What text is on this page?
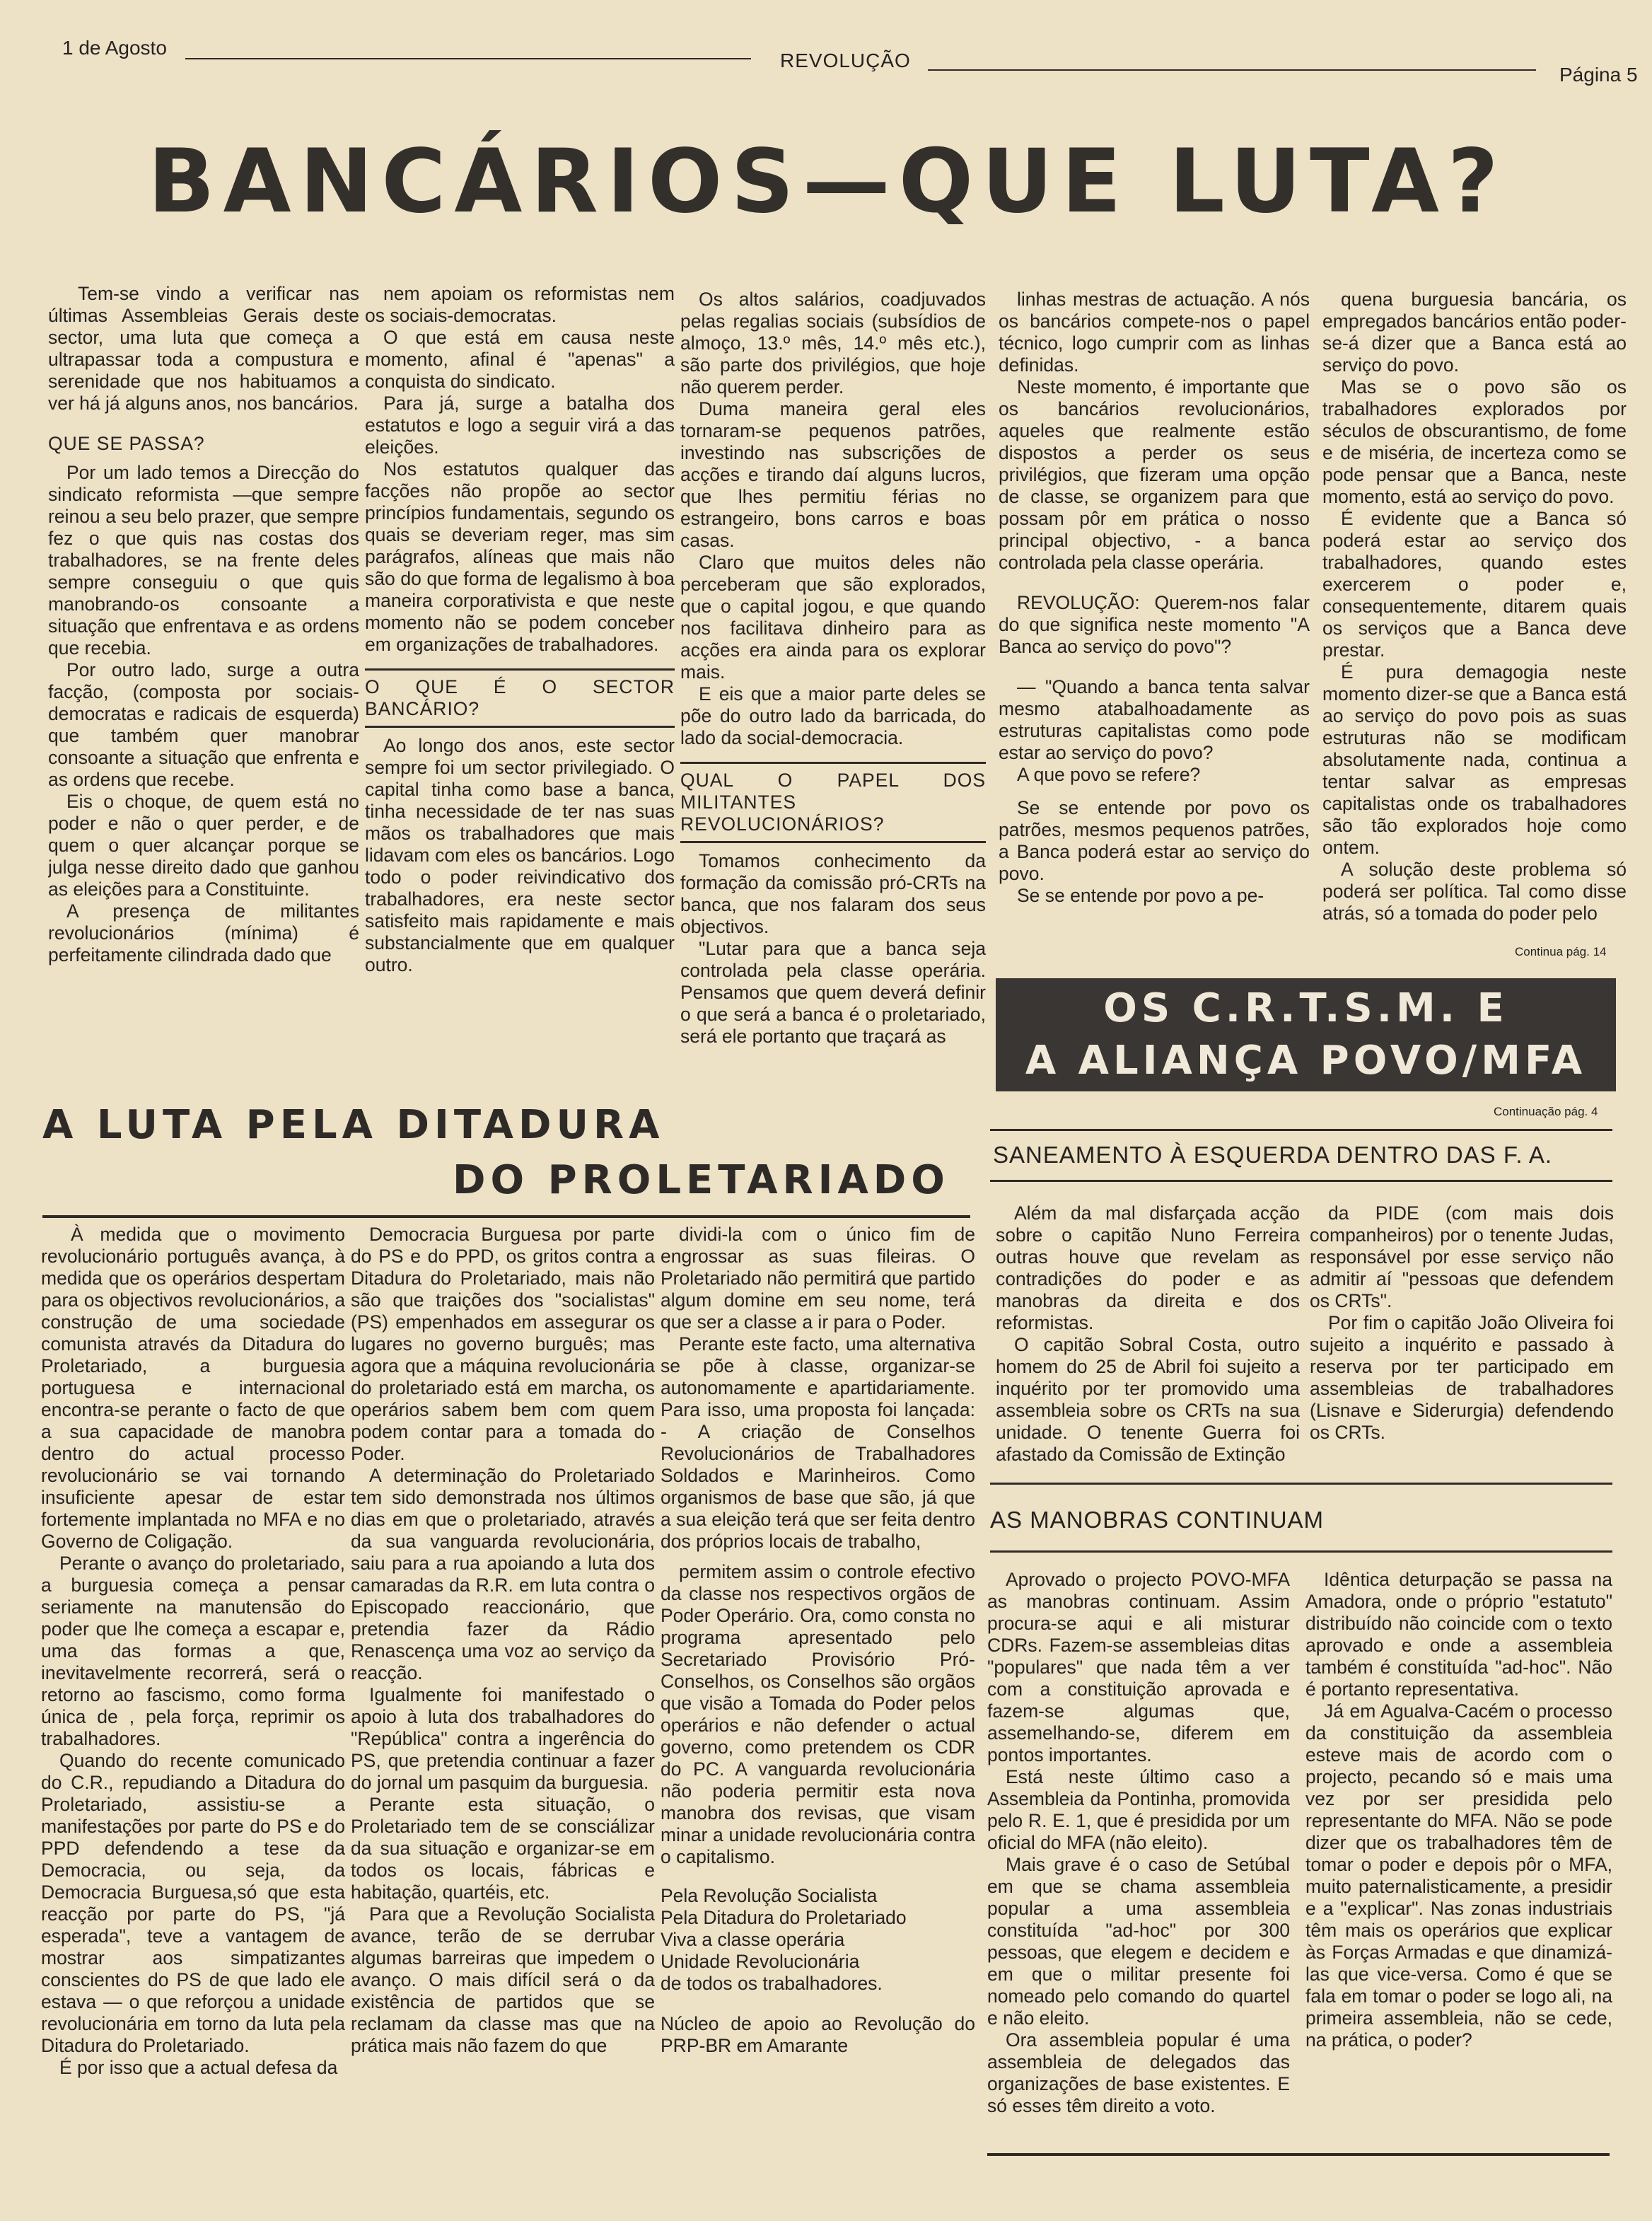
1 de Agosto
REVOLUÇÃO
Página 5
BANCÁRIOS—QUE LUTA?

Tem-se vindo a verificar nas últimas Assembleias Gerais deste sector, uma luta que começa a ultrapassar toda a compustura e serenidade que nos habituamos a ver há já alguns anos, nos bancários.

QUE SE PASSA?

Por um lado temos a Direcção do sindicato reformista —que sempre reinou a seu belo prazer, que sempre fez o que quis nas costas dos trabalhadores, se na frente deles sempre conseguiu o que quis manobrando-os consoante a situação que enfrentava e as ordens que recebia.

Por outro lado, surge a outra facção, (composta por sociais-democratas e radicais de esquerda) que também quer manobrar consoante a situação que enfrenta e as ordens que recebe.

Eis o choque, de quem está no poder e não o quer perder, e de quem o quer alcançar porque se julga nesse direito dado que ganhou as eleições para a Constituinte.

A presença de militantes revolucionários (mínima) é perfeitamente cilindrada dado que

nem apoiam os reformistas nem os sociais-democratas.

O que está em causa neste momento, afinal é "apenas" a conquista do sindicato.

Para já, surge a batalha dos estatutos e logo a seguir virá a das eleições.

Nos estatutos qualquer das facções não propõe ao sector princípios fundamentais, segundo os quais se deveriam reger, mas sim parágrafos, alíneas que mais não são do que forma de legalismo à boa maneira corporativista e que neste momento não se podem conceber em organizações de trabalhadores.

O QUE É O SECTOR BANCÁRIO?

Ao longo dos anos, este sector sempre foi um sector privilegiado. O capital tinha como base a banca, tinha necessidade de ter nas suas mãos os trabalhadores que mais lidavam com eles os bancários. Logo todo o poder reivindicativo dos trabalhadores, era neste sector satisfeito mais rapidamente e mais substancialmente que em qualquer outro.

Os altos salários, coadjuvados pelas regalias sociais (subsídios de almoço, 13.º mês, 14.º mês etc.), são parte dos privilégios, que hoje não querem perder.

Duma maneira geral eles tornaram-se pequenos patrões, investindo nas subscrições de acções e tirando daí alguns lucros, que lhes permitiu férias no estrangeiro, bons carros e boas casas.

Claro que muitos deles não perceberam que são explorados, que o capital jogou, e que quando nos facilitava dinheiro para as acções era ainda para os explorar mais.

E eis que a maior parte deles se põe do outro lado da barricada, do lado da social-democracia.

QUAL O PAPEL DOS MILITANTES REVOLUCIONÁRIOS?

Tomamos conhecimento da formação da comissão pró-CRTs na banca, que nos falaram dos seus objectivos.

"Lutar para que a banca seja controlada pela classe operária. Pensamos que quem deverá definir o que será a banca é o proletariado, será ele portanto que traçará as

linhas mestras de actuação. A nós os bancários compete-nos o papel técnico, logo cumprir com as linhas definidas.

Neste momento, é importante que os bancários revolucionários, aqueles que realmente estão dispostos a perder os seus privilégios, que fizeram uma opção de classe, se organizem para que possam pôr em prática o nosso principal objectivo, - a banca controlada pela classe operária.

REVOLUÇÃO: Querem-nos falar do que significa neste momento "A Banca ao serviço do povo"?

— "Quando a banca tenta salvar mesmo atabalhoadamente as estruturas capitalistas como pode estar ao serviço do povo?

A que povo se refere?

Se se entende por povo os patrões, mesmos pequenos patrões, a Banca poderá estar ao serviço do povo.

Se se entende por povo a pe-

quena burguesia bancária, os empregados bancários então poder-se-á dizer que a Banca está ao serviço do povo.

Mas se o povo são os trabalhadores explorados por séculos de obscurantismo, de fome e de miséria, de incerteza como se pode pensar que a Banca, neste momento, está ao serviço do povo.

É evidente que a Banca só poderá estar ao serviço dos trabalhadores, quando estes exercerem o poder e, consequentemente, ditarem quais os serviços que a Banca deve prestar.

É pura demagogia neste momento dizer-se que a Banca está ao serviço do povo pois as suas estruturas não se modificam absolutamente nada, continua a tentar salvar as empresas capitalistas onde os trabalhadores são tão explorados hoje como ontem.

A solução deste problema só poderá ser política. Tal como disse atrás, só a tomada do poder pelo

Continua pág. 14
OS C.R.T.S.M. E
A ALIANÇA POVO/MFA
Continuação pág. 4
A LUTA PELA DITADURA
DO PROLETARIADO

À medida que o movimento revolucionário português avança, à medida que os operários despertam para os objectivos revolucionários, a construção de uma sociedade comunista através da Ditadura do Proletariado, a burguesia portuguesa e internacional encontra-se perante o facto de que a sua capacidade de manobra dentro do actual processo revolucionário se vai tornando insuficiente apesar de estar fortemente implantada no MFA e no Governo de Coligação.

Perante o avanço do proletariado, a burguesia começa a pensar seriamente na manutensão do poder que lhe começa a escapar e, uma das formas a que, inevitavelmente recorrerá, será o retorno ao fascismo, como forma única de , pela força, reprimir os trabalhadores.

Quando do recente comunicado do C.R., repudiando a Ditadura do Proletariado, assistiu-se a manifestações por parte do PS e do PPD defendendo a tese da Democracia, ou seja, da Democracia Burguesa,só que esta reacção por parte do PS, "já esperada", teve a vantagem de mostrar aos simpatizantes conscientes do PS de que lado ele estava — o que reforçou a unidade revolucionária em torno da luta pela Ditadura do Proletariado.

É por isso que a actual defesa da

Democracia Burguesa por parte do PS e do PPD, os gritos contra a Ditadura do Proletariado, mais não são que traições dos "socialistas" (PS) empenhados em assegurar os lugares no governo burguês; mas agora que a máquina revolucionária do proletariado está em marcha, os operários sabem bem com quem podem contar para a tomada do Poder.

A determinação do Proletariado tem sido demonstrada nos últimos dias em que o proletariado, através da sua vanguarda revolucionária, saiu para a rua apoiando a luta dos camaradas da R.R. em luta contra o Episcopado reaccionário, que pretendia fazer da Rádio Renascença uma voz ao serviço da reacção.

Igualmente foi manifestado o apoio à luta dos trabalhadores do "República" contra a ingerência do PS, que pretendia continuar a fazer do jornal um pasquim da burguesia.

Perante esta situação, o Proletariado tem de se consciálizar da sua situação e organizar-se em todos os locais, fábricas e habitação, quartéis, etc.

Para que a Revolução Socialista avance, terão de se derrubar algumas barreiras que impedem o avanço. O mais difícil será o da existência de partidos que se reclamam da classe mas que na prática mais não fazem do que

dividi-la com o único fim de engrossar as suas fileiras. O Proletariado não permitirá que partido algum domine em seu nome, terá que ser a classe a ir para o Poder.

Perante este facto, uma alternativa se põe à classe, organizar-se autonomamente e apartidariamente. Para isso, uma proposta foi lançada: - A criação de Conselhos Revolucionários de Trabalhadores Soldados e Marinheiros. Como organismos de base que são, já que a sua eleição terá que ser feita dentro dos próprios locais de trabalho,

permitem assim o controle efectivo da classe nos respectivos orgãos de Poder Operário. Ora, como consta no programa apresentado pelo Secretariado Provisório Pró-Conselhos, os Conselhos são orgãos que visão a Tomada do Poder pelos operários e não defender o actual governo, como pretendem os CDR do PC. A vanguarda revolucionária não poderia permitir esta nova manobra dos revisas, que visam minar a unidade revolucionária contra o capitalismo.

Pela Revolução Socialista
Pela Ditadura do Proletariado
Viva a classe operária
Unidade Revolucionária
de todos os trabalhadores.
Núcleo de apoio ao Revolução do PRP-BR em Amarante
SANEAMENTO À ESQUERDA DENTRO DAS F. A.

Além da mal disfarçada acção sobre o capitão Nuno Ferreira outras houve que revelam as contradições do poder e as manobras da direita e dos reformistas.

O capitão Sobral Costa, outro homem do 25 de Abril foi sujeito a inquérito por ter promovido uma assembleia sobre os CRTs na sua unidade. O tenente Guerra foi afastado da Comissão de Extinção

da PIDE (com mais dois companheiros) por o tenente Judas, responsável por esse serviço não admitir aí "pessoas que defendem os CRTs".

Por fim o capitão João Oliveira foi sujeito a inquérito e passado à reserva por ter participado em assembleias de trabalhadores (Lisnave e Siderurgia) defendendo os CRTs.

AS MANOBRAS CONTINUAM

Aprovado o projecto POVO-MFA as manobras continuam. Assim procura-se aqui e ali misturar CDRs. Fazem-se assembleias ditas "populares" que nada têm a ver com a constituição aprovada e fazem-se algumas que, assemelhando-se, diferem em pontos importantes.

Está neste último caso a Assembleia da Pontinha, promovida pelo R. E. 1, que é presidida por um oficial do MFA (não eleito).

Mais grave é o caso de Setúbal em que se chama assembleia popular a uma assembleia constituída "ad-hoc" por 300 pessoas, que elegem e decidem e em que o militar presente foi nomeado pelo comando do quartel e não eleito.

Ora assembleia popular é uma assembleia de delegados das organizações de base existentes. E só esses têm direito a voto.

Idêntica deturpação se passa na Amadora, onde o próprio "estatuto" distribuído não coincide com o texto aprovado e onde a assembleia também é constituída "ad-hoc". Não é portanto representativa.

Já em Agualva-Cacém o processo da constituição da assembleia esteve mais de acordo com o projecto, pecando só e mais uma vez por ser presidida pelo representante do MFA. Não se pode dizer que os trabalhadores têm de tomar o poder e depois pôr o MFA, muito paternalisticamente, a presidir e a "explicar". Nas zonas industriais têm mais os operários que explicar às Forças Armadas e que dinamizá-las que vice-versa. Como é que se fala em tomar o poder se logo ali, na primeira assembleia, não se cede, na prática, o poder?
